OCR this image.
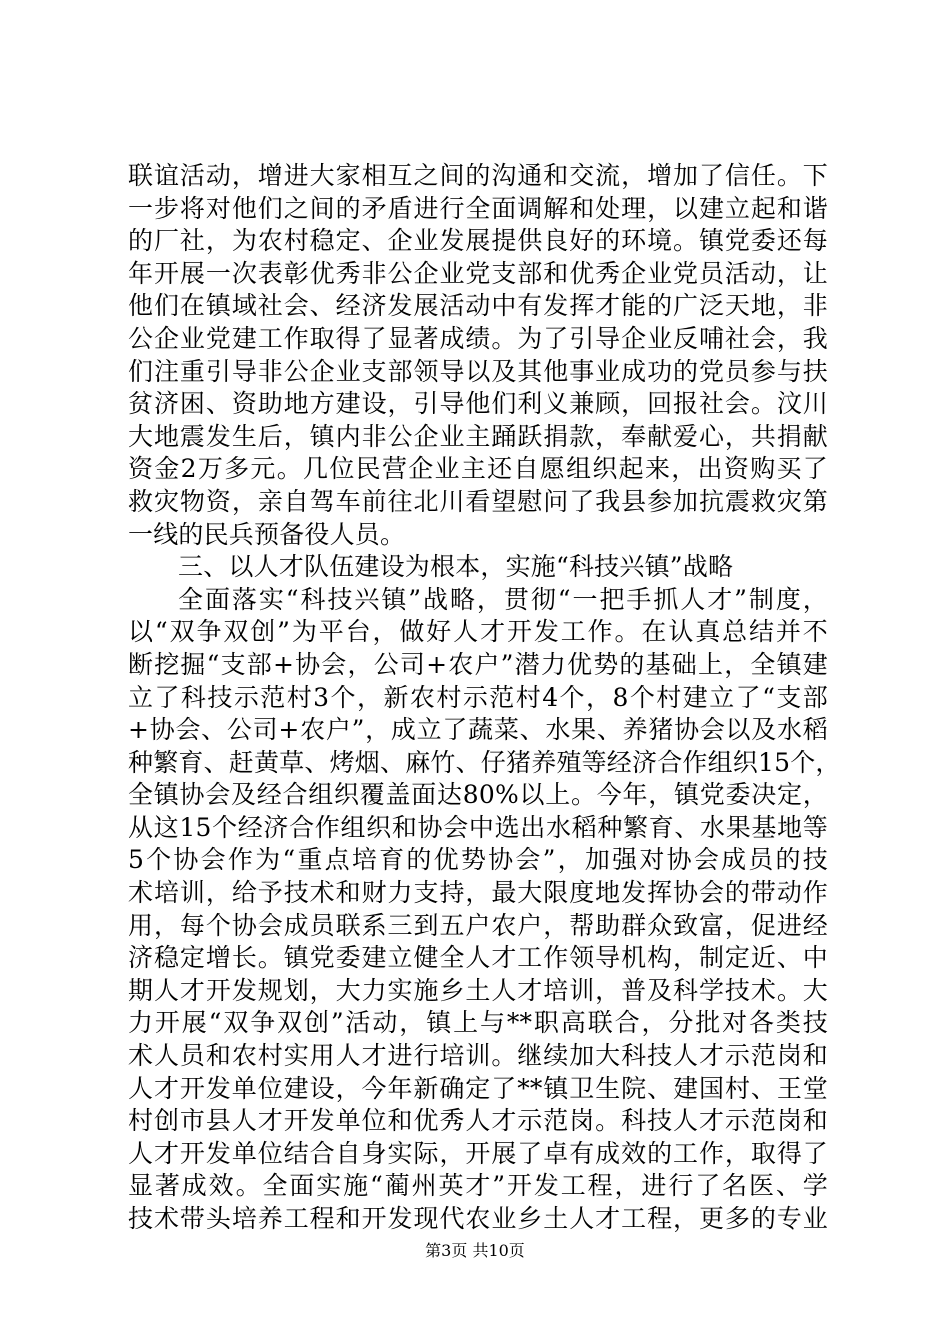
联谊活动，增进大家相互之间的沟通和交流，增加了信任。下
一步将对他们之间的矛盾进行全面调解和处理，以建立起和谐
的厂社，为农村稳定、企业发展提供良好的环境。镇党委还每
年开展一次表彰优秀非公企业党支部和优秀企业党员活动，让
他们在镇域社会、经济发展活动中有发挥才能的广泛天地，非
公企业党建工作取得了显著成绩。为了引导企业反哺社会，我
们注重引导非公企业支部领导以及其他事业成功的党员参与扶
贫济困、资助地方建设，引导他们利义兼顾，回报社会。汶川
大地震发生后，镇内非公企业主踊跃捐款，奉献爱心，共捐献
资金2万多元。几位民营企业主还自愿组织起来，出资购买了
救灾物资，亲自驾车前往北川看望慰问了我县参加抗震救灾第
一线的民兵预备役人员。
三、以人才队伍建设为根本，实施“科技兴镇”战略
全面落实“科技兴镇”战略，贯彻“一把手抓人才”制度，
以“双争双创”为平台，做好人才开发工作。在认真总结并不
断挖掘“支部+协会，公司+农户”潜力优势的基础上，全镇建
立了科技示范村3个，新农村示范村4个，8个村建立了“支部
+协会、公司+农户”，成立了蔬菜、水果、养猪协会以及水稻
种繁育、赶黄草、烤烟、麻竹、仔猪养殖等经济合作组织15个，
全镇协会及经合组织覆盖面达80%以上。今年，镇党委决定，
从这15个经济合作组织和协会中选出水稻种繁育、水果基地等
5个协会作为“重点培育的优势协会”，加强对协会成员的技
术培训，给予技术和财力支持，最大限度地发挥协会的带动作
用，每个协会成员联系三到五户农户，帮助群众致富，促进经
济稳定增长。镇党委建立健全人才工作领导机构，制定近、中
期人才开发规划，大力实施乡土人才培训，普及科学技术。大
力开展“双争双创”活动，镇上与**职高联合，分批对各类技
术人员和农村实用人才进行培训。继续加大科技人才示范岗和
人才开发单位建设，今年新确定了**镇卫生院、建国村、王堂
村创市县人才开发单位和优秀人才示范岗。科技人才示范岗和
人才开发单位结合自身实际，开展了卓有成效的工作，取得了
显著成效。全面实施“蔺州英才”开发工程，进行了名医、学
技术带头培养工程和开发现代农业乡土人才工程，更多的专业
第3页 共10页
